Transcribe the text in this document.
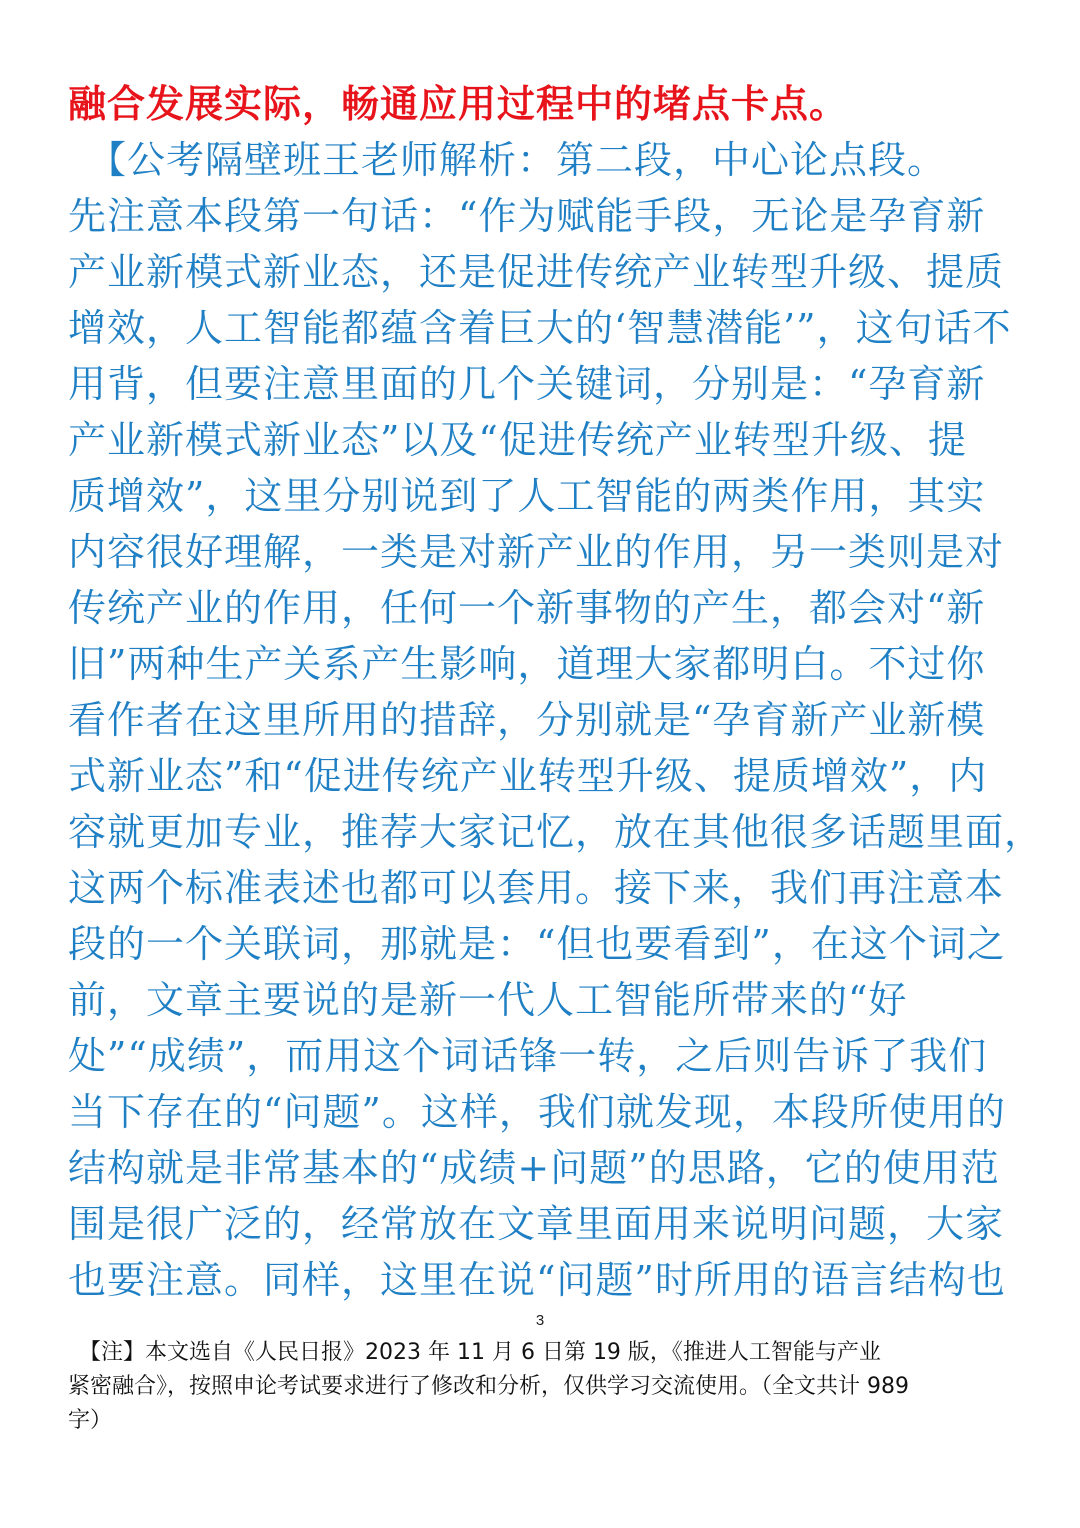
融合发展实际，畅通应用过程中的堵点卡点。
　【公考隔壁班王老师解析：第二段，中心论点段。
先注意本段第一句话：“作为赋能手段，无论是孕育新
产业新模式新业态，还是促进传统产业转型升级、提质
增效，人工智能都蕴含着巨大的‘智慧潜能’”，这句话不
用背，但要注意里面的几个关键词，分别是：“孕育新
产业新模式新业态”以及“促进传统产业转型升级、提
质增效”，这里分别说到了人工智能的两类作用，其实
内容很好理解，一类是对新产业的作用，另一类则是对
传统产业的作用，任何一个新事物的产生，都会对“新
旧”两种生产关系产生影响，道理大家都明白。不过你
看作者在这里所用的措辞，分别就是“孕育新产业新模
式新业态”和“促进传统产业转型升级、提质增效”，内
容就更加专业，推荐大家记忆，放在其他很多话题里面，
这两个标准表述也都可以套用。接下来，我们再注意本
段的一个关联词，那就是：“但也要看到”，在这个词之
前，文章主要说的是新一代人工智能所带来的“好
处”“成绩”，而用这个词话锋一转，之后则告诉了我们
当下存在的“问题”。这样，我们就发现，本段所使用的
结构就是非常基本的“成绩+问题”的思路，它的使用范
围是很广泛的，经常放在文章里面用来说明问题，大家
也要注意。同样，这里在说“问题”时所用的语言结构也
3
　【注】本文选自《人民日报》2023 年 11 月 6 日第 19 版，《推进人工智能与产业
紧密融合》，按照申论考试要求进行了修改和分析，仅供学习交流使用。（全文共计 989
字）
